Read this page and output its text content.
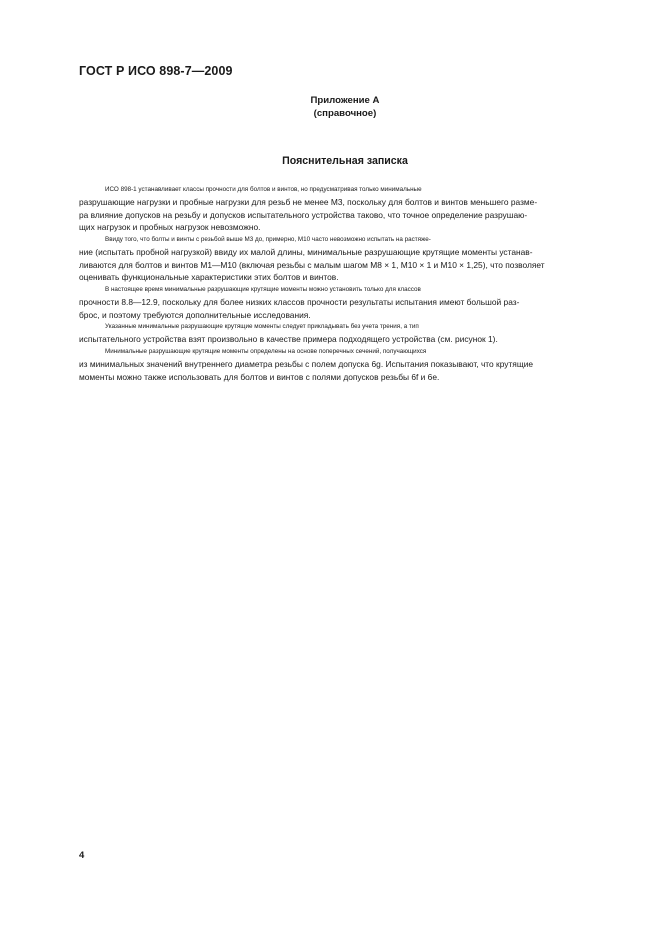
ГОСТ Р ИСО 898-7—2009
Приложение А
(справочное)
Пояснительная записка

ИСО 898-1 устанавливает классы прочности для болтов и винтов, но предусматривая только минимальные
разрушающие нагрузки и пробные нагрузки для резьб не менее М3, поскольку для болтов и винтов меньшего разме-
ра влияние допусков на резьбу и допусков испытательного устройства таково, что точное определение разрушаю-
щих нагрузок и пробных нагрузок невозможно.

Ввиду того, что болты и винты с резьбой выше М3 до, примерно, М10 часто невозможно испытать на растяже-
ние (испытать пробной нагрузкой) ввиду их малой длины, минимальные разрушающие крутящие моменты устанав-
ливаются для болтов и винтов М1—М10 (включая резьбы с малым шагом М8 × 1, М10 × 1 и М10 × 1,25), что позволяет
оценивать функциональные характеристики этих болтов и винтов.

В настоящее время минимальные разрушающие крутящие моменты можно установить только для классов
прочности 8.8—12.9, поскольку для более низких классов прочности результаты испытания имеют большой раз-
брос, и поэтому требуются дополнительные исследования.

Указанные минимальные разрушающие крутящие моменты следует прикладывать без учета трения, а тип
испытательного устройства взят произвольно в качестве примера подходящего устройства (см. рисунок 1).

Минимальные разрушающие крутящие моменты определены на основе поперечных сечений, получающихся
из минимальных значений внутреннего диаметра резьбы с полем допуска 6g. Испытания показывают, что крутящие
моменты можно также использовать для болтов и винтов с полями допусков резьбы 6f и 6е.

4
